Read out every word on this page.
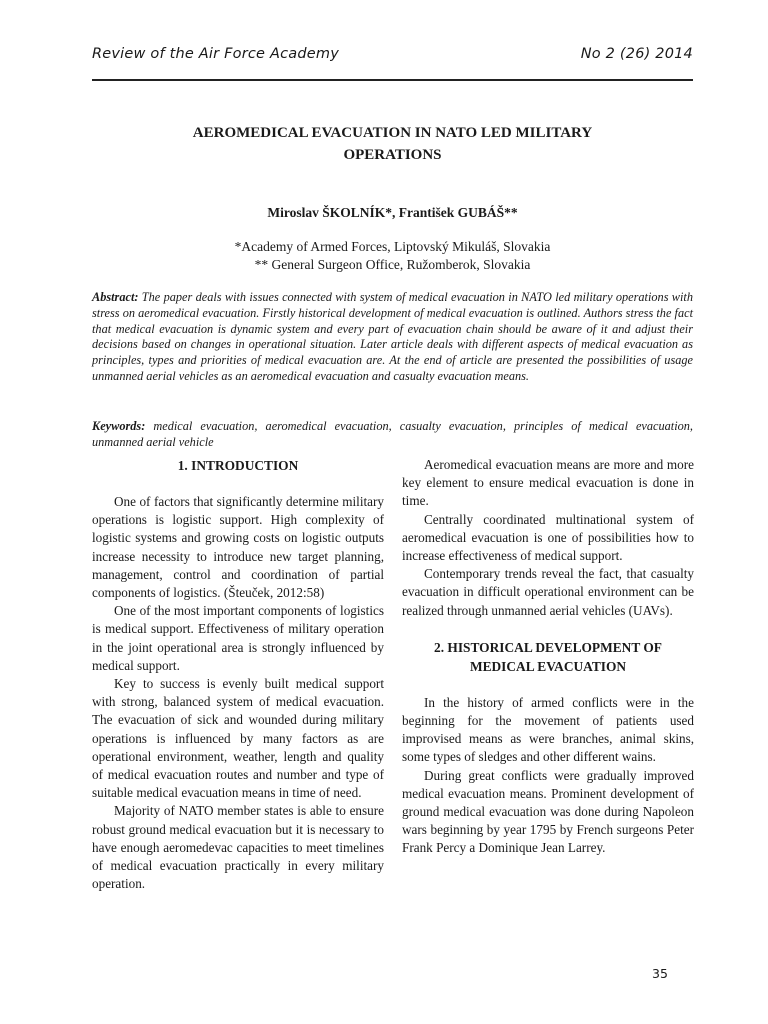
Review of the Air Force Academy	No 2 (26) 2014
AEROMEDICAL EVACUATION IN NATO LED MILITARY
OPERATIONS
Miroslav ŠKOLNÍK*, František GUBÁŠ**
*Academy of Armed Forces, Liptovský Mikuláš, Slovakia
** General Surgeon Office, Ružomberok, Slovakia
Abstract: The paper deals with issues connected with system of medical evacuation in NATO led military operations with stress on aeromedical evacuation. Firstly historical development of medical evacuation is outlined. Authors stress the fact that medical evacuation is dynamic system and every part of evacuation chain should be aware of it and adjust their decisions based on changes in operational situation. Later article deals with different aspects of medical evacuation as principles, types and priorities of medical evacuation are. At the end of article are presented the possibilities of usage unmanned aerial vehicles as an aeromedical evacuation and casualty evacuation means.
Keywords: medical evacuation, aeromedical evacuation, casualty evacuation, principles of medical evacuation, unmanned aerial vehicle
1. INTRODUCTION

One of factors that significantly determine military operations is logistic support. High complexity of logistic systems and growing costs on logistic outputs increase necessity to introduce new target planning, management, control and coordination of partial components of logistics. (Šteuček, 2012:58)

One of the most important components of logistics is medical support. Effectiveness of military operation in the joint operational area is strongly influenced by medical support.

Key to success is evenly built medical support with strong, balanced system of medical evacuation. The evacuation of sick and wounded during military operations is influenced by many factors as are operational environment, weather, length and quality of medical evacuation routes and number and type of suitable medical evacuation means in time of need.

Majority of NATO member states is able to ensure robust ground medical evacuation but it is necessary to have enough aeromedevac capacities to meet timelines of medical evacuation practically in every military operation.

Aeromedical evacuation means are more and more key element to ensure medical evacuation is done in time.

Centrally coordinated multinational system of aeromedical evacuation is one of possibilities how to increase effectiveness of medical support.

Contemporary trends reveal the fact, that casualty evacuation in difficult operational environment can be realized through unmanned aerial vehicles (UAVs).

2. HISTORICAL DEVELOPMENT OF
MEDICAL EVACUATION

In the history of armed conflicts were in the beginning for the movement of patients used improvised means as were branches, animal skins, some types of sledges and other different wains.

During great conflicts were gradually improved medical evacuation means. Prominent development of ground medical evacuation was done during Napoleon wars beginning by year 1795 by French surgeons Peter Frank Percy a Dominique Jean Larrey.

35
